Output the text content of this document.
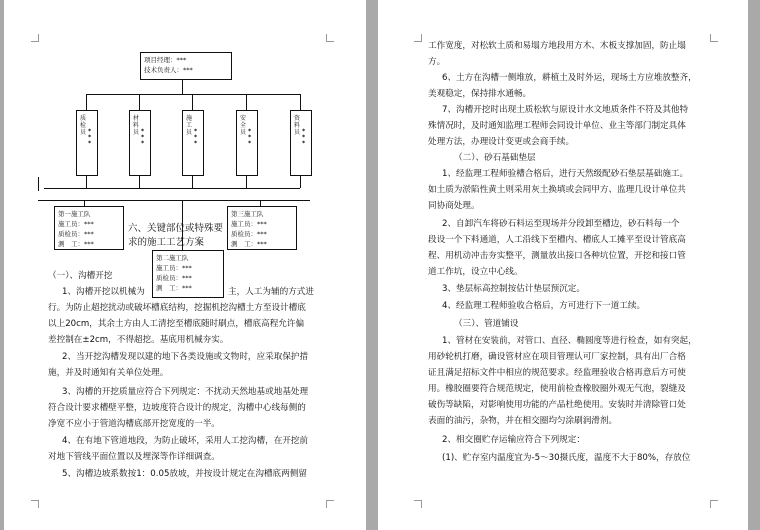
项目经理：***
技术负责人：***
质检员 ***
材料员 ***
施工员 ***
安全员 ***
资料员 ***
第一施工队
施工员：***
质检员：***
测　工：***
第三施工队
施工员：***
质检员：***
测　工：***
第二施工队
施工员：***
质检员：***
测　工：***
六、关键部位或特殊要
求的施工工艺方案
（一）、沟槽开挖
1、沟槽开挖以机械为	主，人工为辅的方式进
行。为防止超挖扰动或破坏槽底结构，挖掘机挖沟槽土方至设计槽底
以上20cm，其余土方由人工清挖至槽底随时刷点，槽底高程允许偏
差控制在±2cm，不得超挖。基底用机械夯实。
2、当开挖沟槽发现以建的地下各类设施或文物时，应采取保护措
施，并及时通知有关单位处理。
3、沟槽的开挖质量应符合下列规定：不扰动天然地基或地基处理
符合设计要求槽壁平整，边坡度符合设计的规定，沟槽中心线每侧的
净宽不应小于管道沟槽底部开挖宽度的一半。
4、在有地下管道地段，为防止破坏，采用人工挖沟槽，在开挖前
对地下管线平面位置以及埋深等作详细调查。
5、沟槽边坡系数按1：0.05放坡，并按设计规定在沟槽底两侧留
工作宽度，对松软土质和易塌方地段用方木、木板支撑加固，防止塌
方。
6、土方在沟槽一侧堆放，耕植土及时外运，现场土方应堆放整齐，
美观稳定，保持排水通畅。
7、沟槽开挖时出现土质松软与原设计水文地质条件不符及其他特
殊情况时，及时通知监理工程师会同设计单位、业主等部门制定具体
处理方法，办理设计变更或会商手续。
（二）、砂石基础垫层
1、经监理工程师验槽合格后，进行天然级配砂石垫层基础施工。
如土质为淤陷性黄土则采用灰土换填或会同甲方、监理几设计单位共
同协商处理。
2、自卸汽车将砂石料运至现场并分段卸至槽边，砂石料每一个
段设一个下料通道，人工沿线下至槽内、槽底人工摊平至设计管底高
程、用机动冲击夯实整平，测量放出接口各种坑位置，开挖和接口管
道工作坑，设立中心线。
3、垫层标高控制按估计垫层预沉定。
4、经监理工程师验收合格后，方可进行下一道工续。
（三）、管道铺设
1、管材在安装前，对管口、直径、椭圆度等进行检查，如有突起，
用砂轮机打磨，确设管材应在项目管理认可厂家控制，具有出厂合格
证且满足招标文件中相应的规范要求。经监理验收合格再意后方可使
用。橡胶圈要符合规范规定，使用前检查橡胶圈外观无气泡，裂缝及
破伤等缺陷，对影响使用功能的产品杜绝使用。安装时并清除管口处
表面的油污，杂物，并在相交圈均匀涂刷润滑剂。
2、相交圈贮存运输应符合下列规定：
(1)、贮存室内温度宜为-5～30摄氏度，温度不大于80%，存放位
